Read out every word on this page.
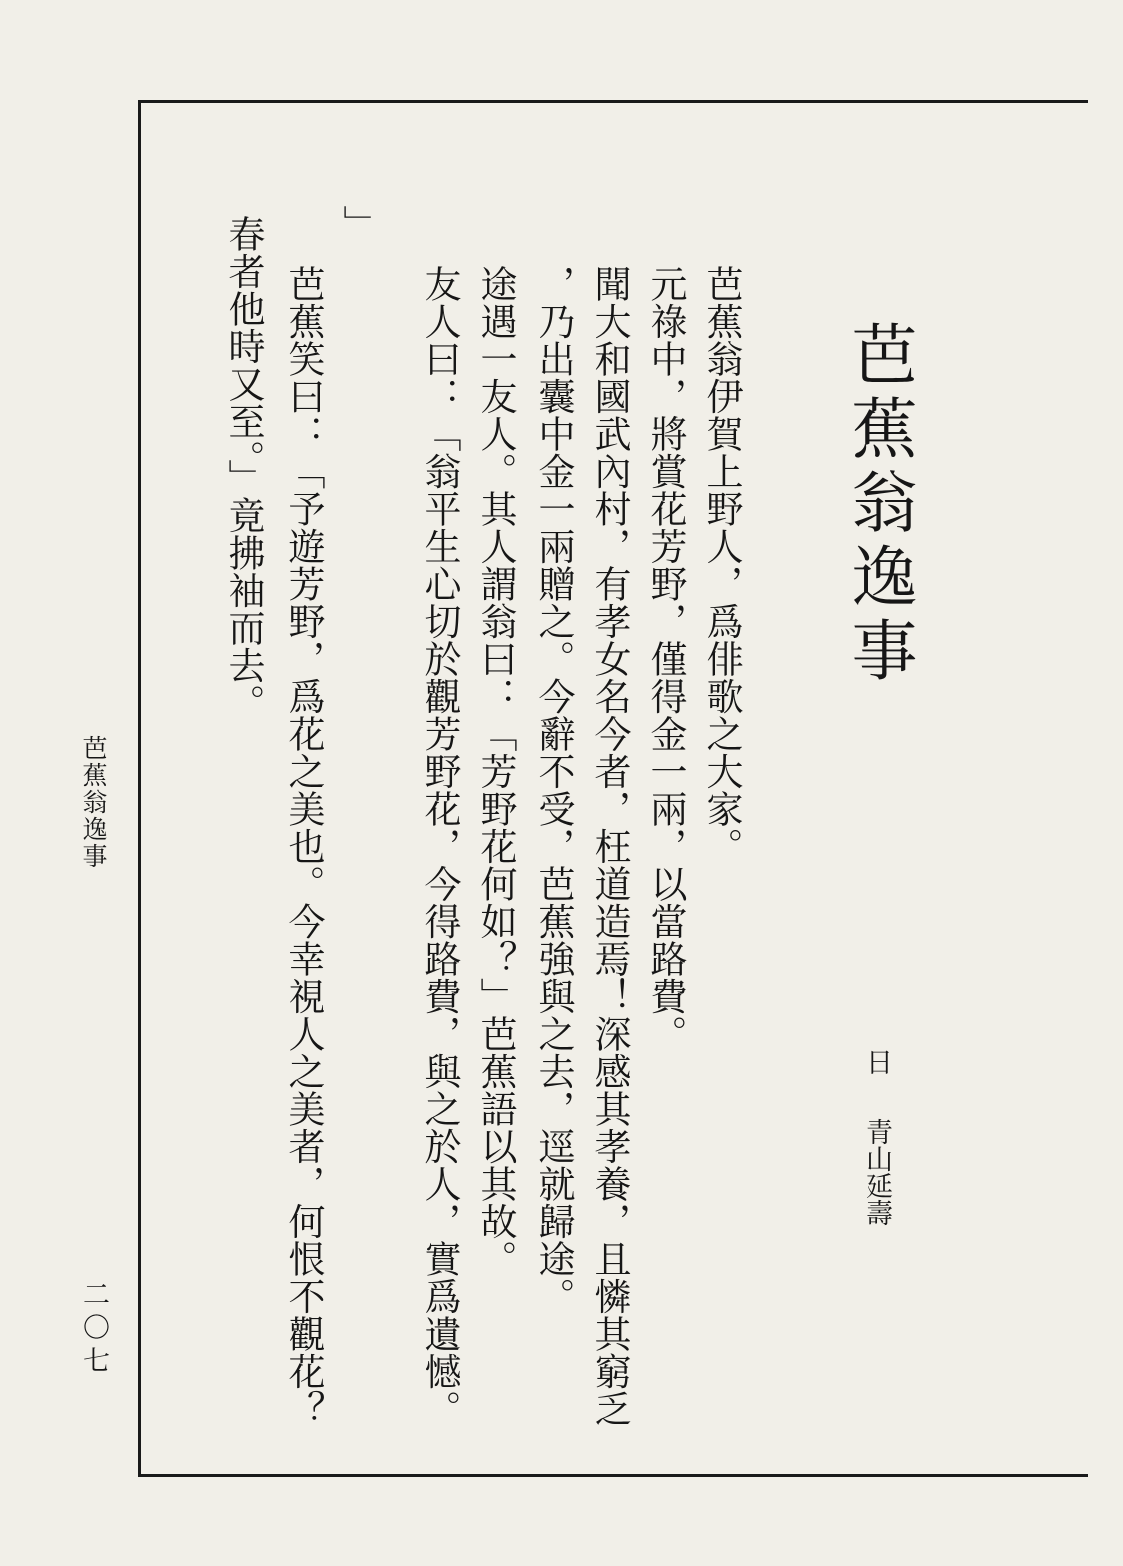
芭蕉翁逸事
日
青山延壽
芭蕉翁伊賀上野人，爲俳歌之大家。
元祿中，將賞花芳野，僅得金一兩，以當路費。
聞大和國武內村，有孝女名今者，枉道造焉！深感其孝養，且憐其窮乏
，乃出囊中金一兩贈之。今辭不受，芭蕉強與之去，逕就歸途。
途遇一友人。其人謂翁曰：「芳野花何如？」芭蕉語以其故。
友人曰：「翁平生心切於觀芳野花，今得路費，與之於人，實爲遺憾。
」
芭蕉笑曰：「予遊芳野，爲花之美也。今幸視人之美者，何恨不觀花？
春者他時又至。」竟拂袖而去。
芭蕉翁逸事
二〇七
